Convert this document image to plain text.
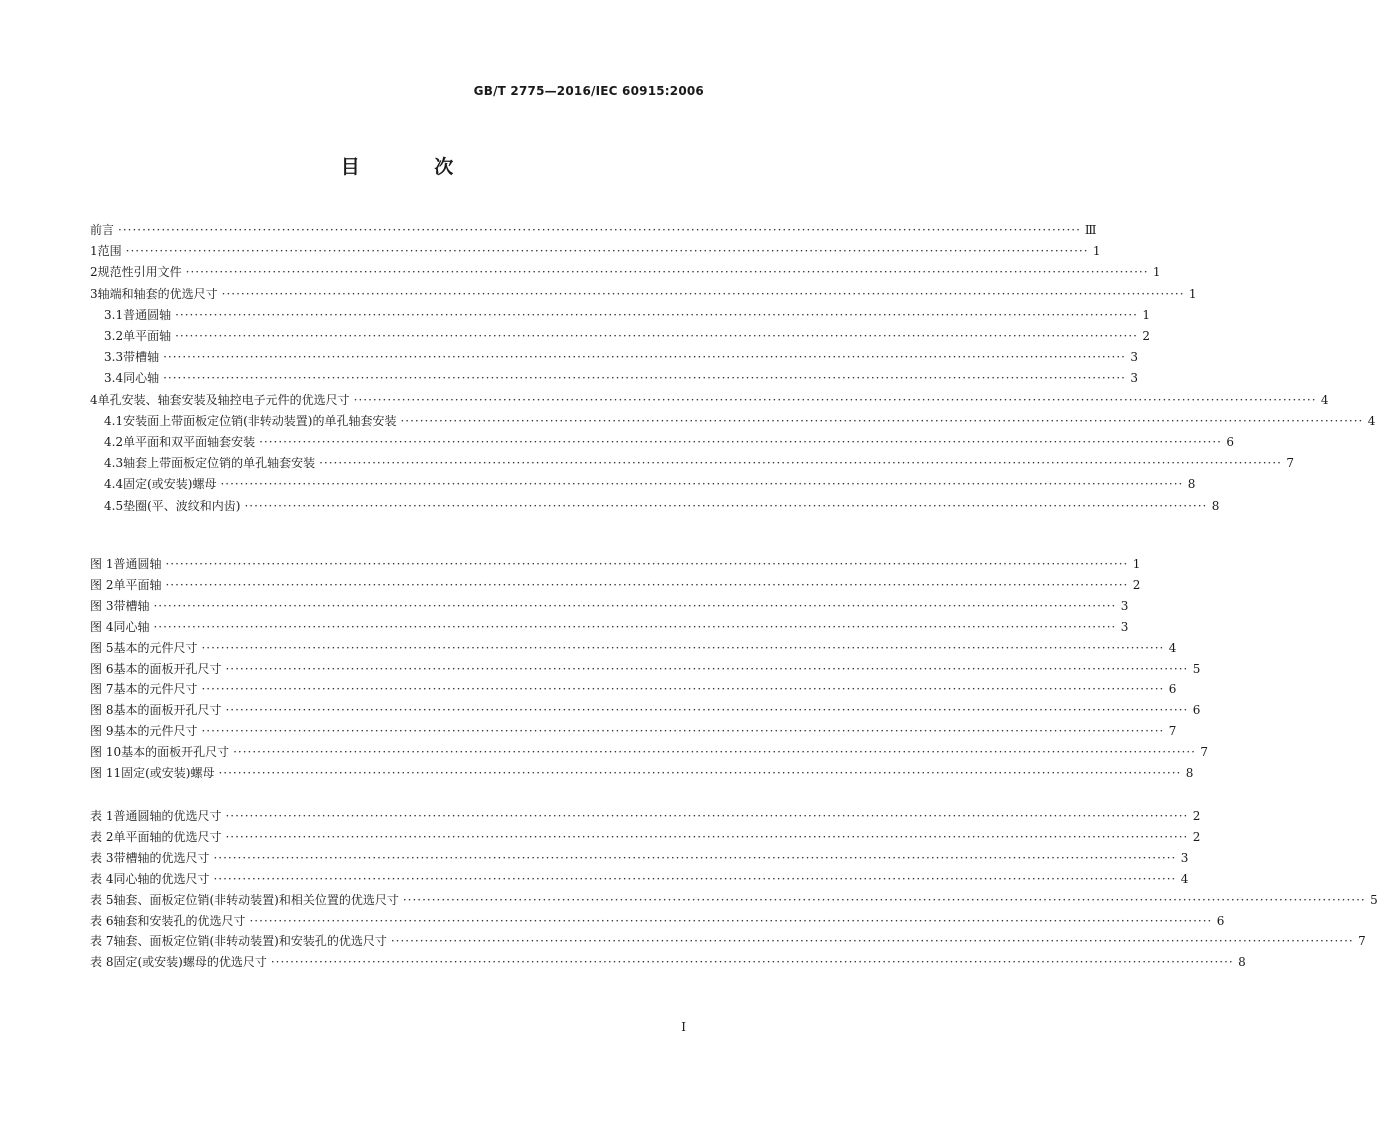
GB/T 2775—2016/IEC 60915:2006
目 次
前言 ········································································································································································································ Ⅲ
1 范围 ········································································································································································································ 1
2 规范性引用文件 ········································································································································································································ 1
3 轴端和轴套的优选尺寸 ········································································································································································································ 1
3.1 普通圆轴 ········································································································································································································ 1
3.2 单平面轴 ········································································································································································································ 2
3.3 带槽轴 ········································································································································································································ 3
3.4 同心轴 ········································································································································································································ 3
4 单孔安装、轴套安装及轴控电子元件的优选尺寸 ········································································································································································································ 4
4.1 安装面上带面板定位销(非转动装置)的单孔轴套安装 ········································································································································································································ 4
4.2 单平面和双平面轴套安装 ········································································································································································································ 6
4.3 轴套上带面板定位销的单孔轴套安装 ········································································································································································································ 7
4.4 固定(或安装)螺母 ········································································································································································································ 8
4.5 垫圈(平、波纹和内齿) ········································································································································································································ 8
图 1 普通圆轴 ········································································································································································································ 1
图 2 单平面轴 ········································································································································································································ 2
图 3 带槽轴 ········································································································································································································ 3
图 4 同心轴 ········································································································································································································ 3
图 5 基本的元件尺寸 ········································································································································································································ 4
图 6 基本的面板开孔尺寸 ········································································································································································································ 5
图 7 基本的元件尺寸 ········································································································································································································ 6
图 8 基本的面板开孔尺寸 ········································································································································································································ 6
图 9 基本的元件尺寸 ········································································································································································································ 7
图 10 基本的面板开孔尺寸 ········································································································································································································ 7
图 11 固定(或安装)螺母 ········································································································································································································ 8
表 1 普通圆轴的优选尺寸 ········································································································································································································ 2
表 2 单平面轴的优选尺寸 ········································································································································································································ 2
表 3 带槽轴的优选尺寸 ········································································································································································································ 3
表 4 同心轴的优选尺寸 ········································································································································································································ 4
表 5 轴套、面板定位销(非转动装置)和相关位置的优选尺寸 ········································································································································································································ 5
表 6 轴套和安装孔的优选尺寸 ········································································································································································································ 6
表 7 轴套、面板定位销(非转动装置)和安装孔的优选尺寸 ········································································································································································································ 7
表 8 固定(或安装)螺母的优选尺寸 ········································································································································································································ 8
I
